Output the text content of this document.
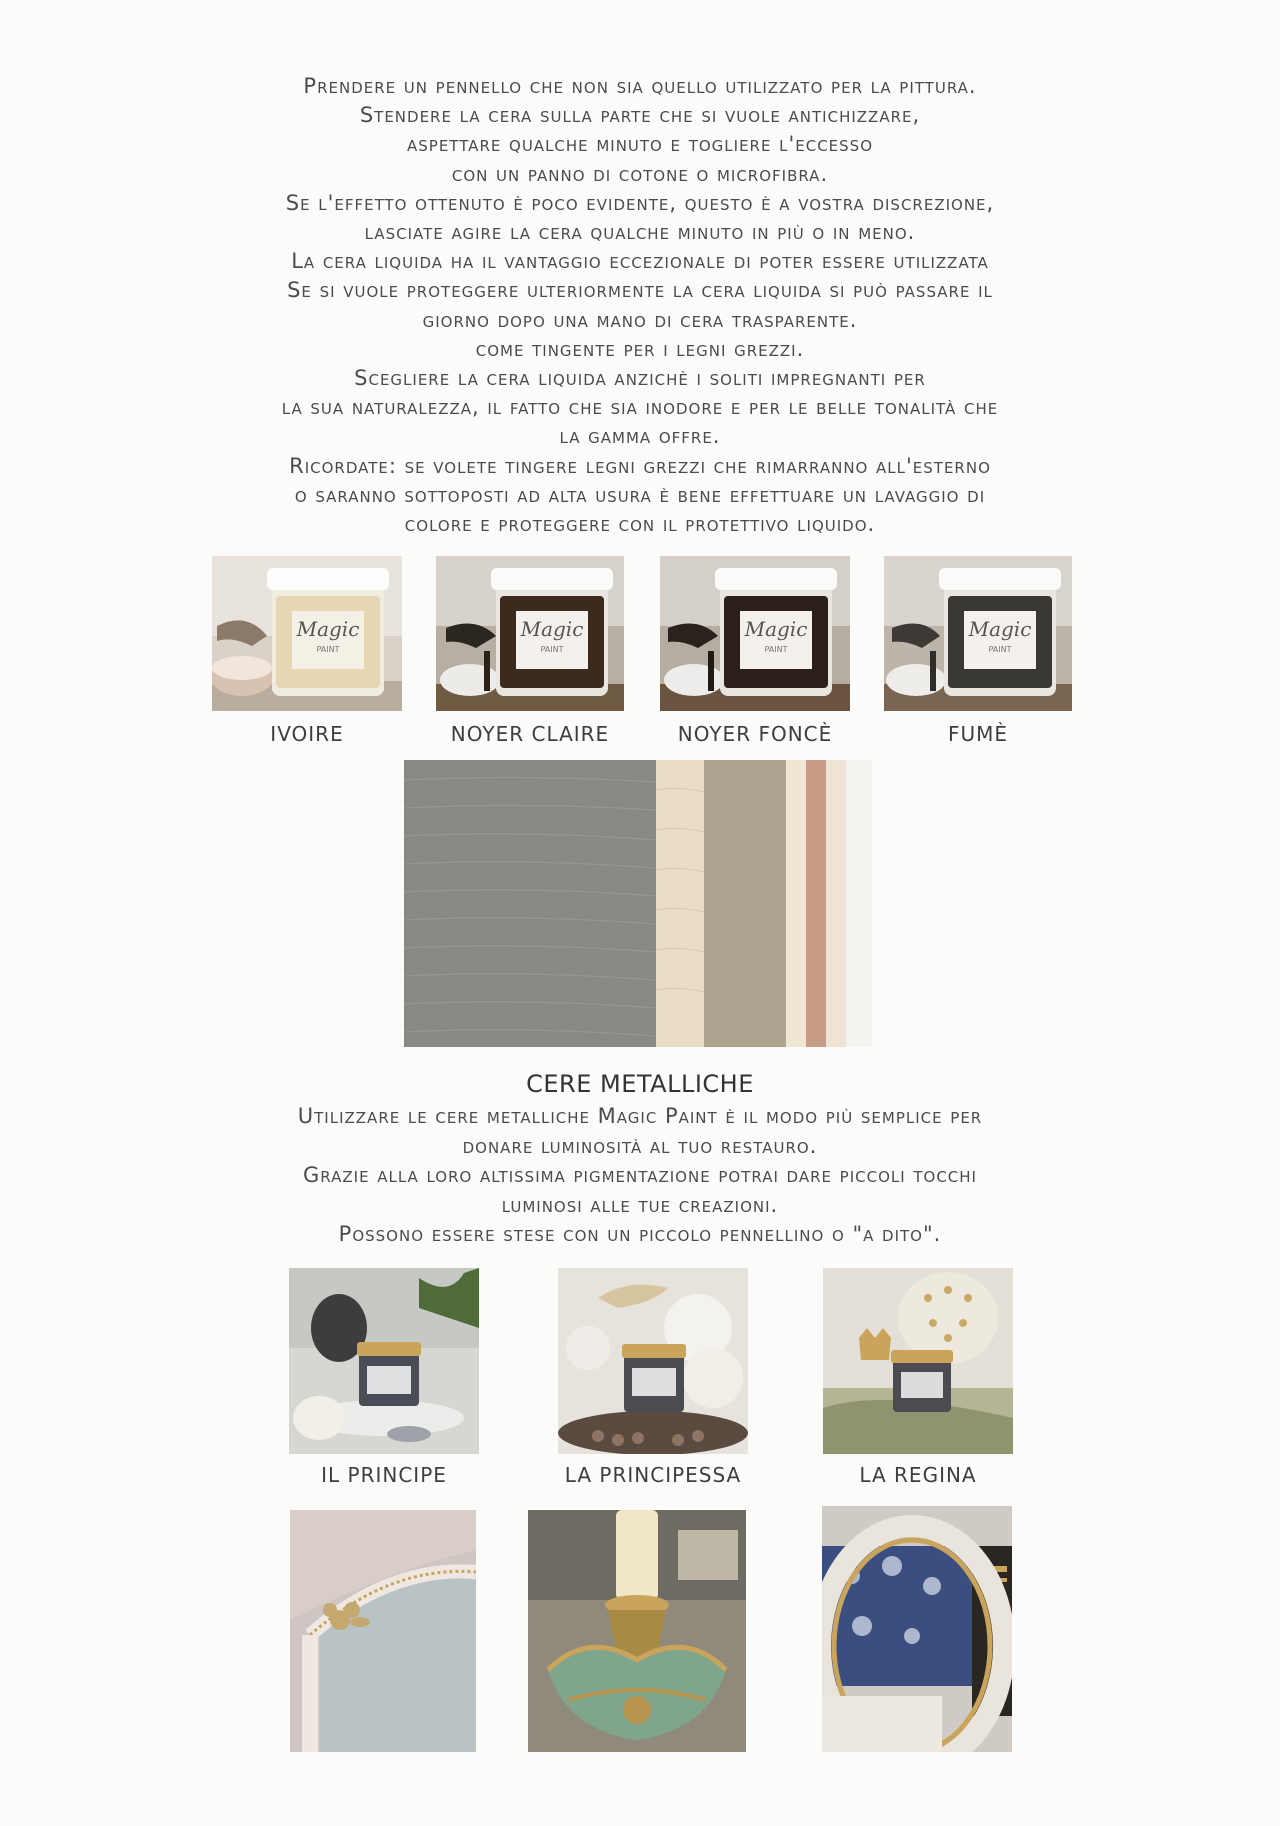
Prendere un pennello che non sia quello utilizzato per la pittura.
Stendere la cera sulla parte che si vuole antichizzare,
aspettare qualche minuto e togliere l'eccesso
con un panno di cotone o microfibra.
Se l'effetto ottenuto è poco evidente, questo è a vostra discrezione,
lasciate agire la cera qualche minuto in più o in meno.
La cera liquida ha il vantaggio eccezionale di poter essere utilizzata
Se si vuole proteggere ulteriormente la cera liquida si può passare il
giorno dopo una mano di cera trasparente.
come tingente per i legni grezzi.
Scegliere la cera liquida anzichè i soliti impregnanti per
la sua naturalezza, il fatto che sia inodore e per le belle tonalità che
la gamma offre.
Ricordate: se volete tingere legni grezzi che rimarranno all'esterno
o saranno sottoposti ad alta usura è bene effettuare un lavaggio di
colore e proteggere con il protettivo liquido.
Magic
PAINT
Magic
PAINT
Magic
PAINT
Magic
PAINT
IVOIRE	NOYER CLAIRE	NOYER FONCÈ	FUMÈ
CERE METALLICHE
Utilizzare le cere metalliche Magic Paint è il modo più semplice per
donare luminosità al tuo restauro.
Grazie alla loro altissima pigmentazione potrai dare piccoli tocchi
luminosi alle tue creazioni.
Possono essere stese con un piccolo pennellino o "a dito".
IL PRINCIPE	LA PRINCIPESSA	LA REGINA
